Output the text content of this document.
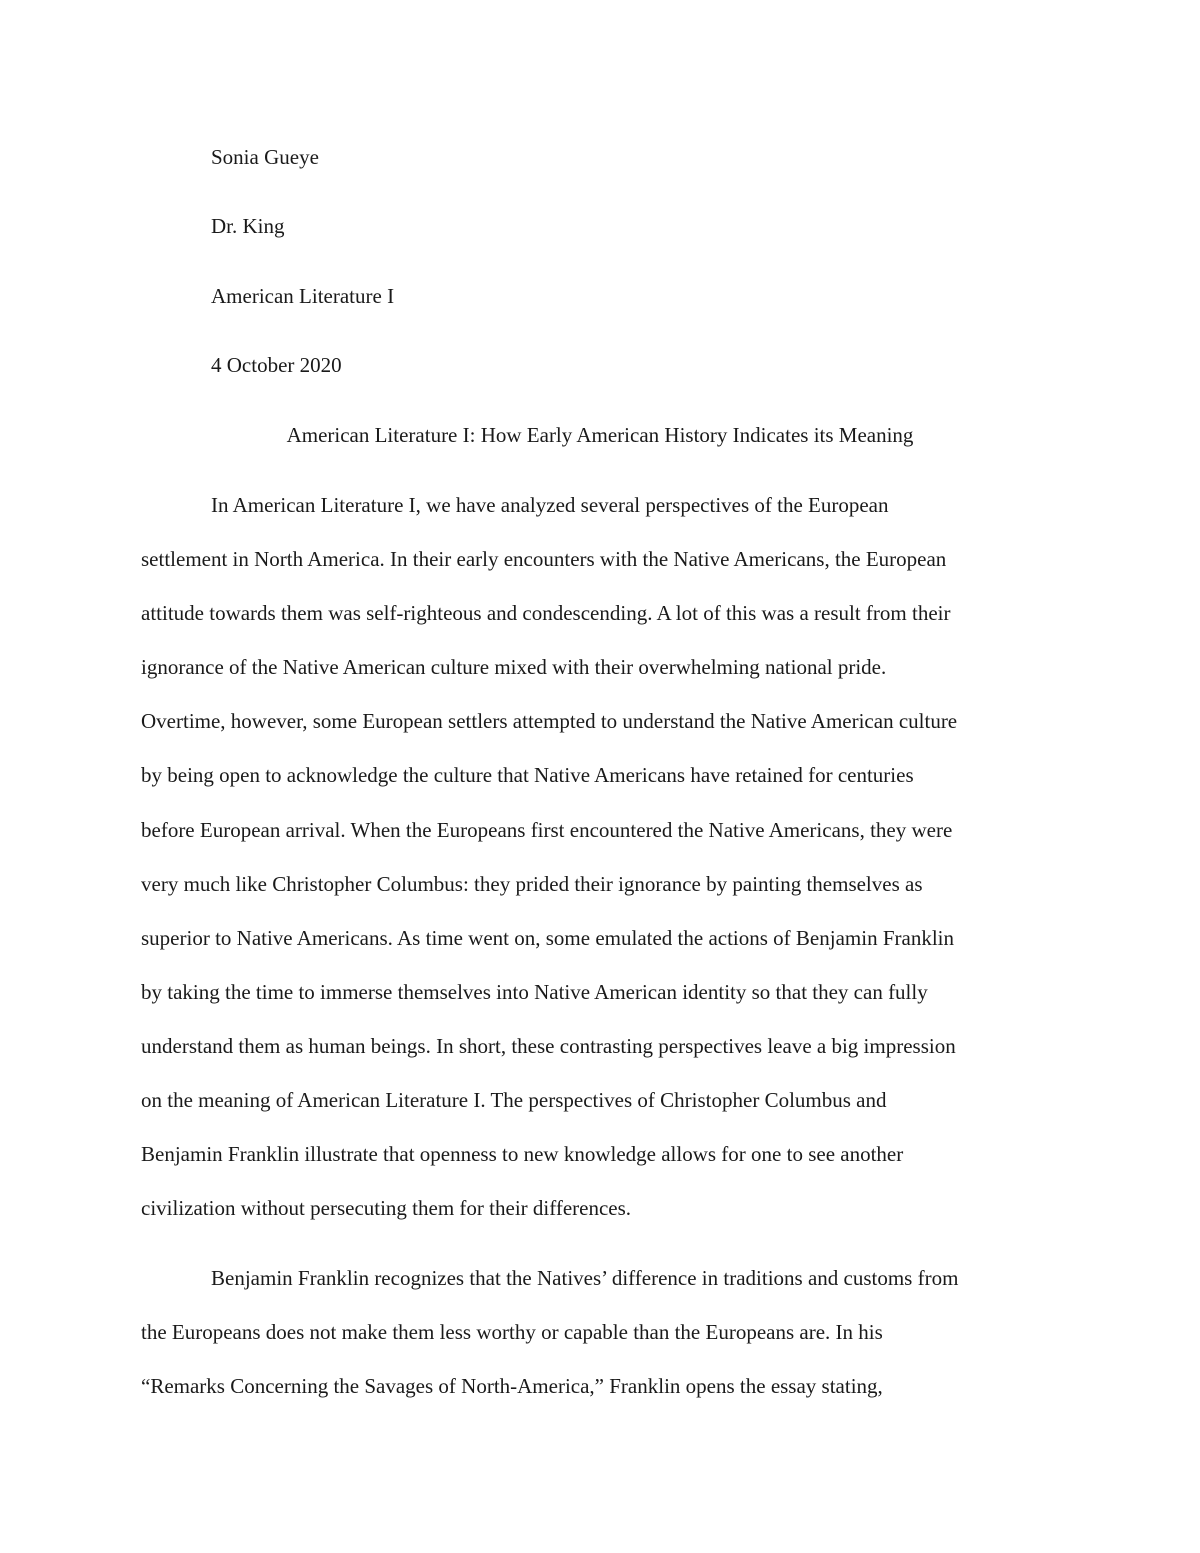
Sonia Gueye
Dr. King
American Literature I
4 October 2020
American Literature I: How Early American History Indicates its Meaning
In American Literature I, we have analyzed several perspectives of the European
settlement in North America. In their early encounters with the Native Americans, the European
attitude towards them was self-righteous and condescending. A lot of this was a result from their
ignorance of the Native American culture mixed with their overwhelming national pride.
Overtime, however, some European settlers attempted to understand the Native American culture
by being open to acknowledge the culture that Native Americans have retained for centuries
before European arrival. When the Europeans first encountered the Native Americans, they were
very much like Christopher Columbus: they prided their ignorance by painting themselves as
superior to Native Americans. As time went on, some emulated the actions of Benjamin Franklin
by taking the time to immerse themselves into Native American identity so that they can fully
understand them as human beings. In short, these contrasting perspectives leave a big impression
on the meaning of American Literature I. The perspectives of Christopher Columbus and
Benjamin Franklin illustrate that openness to new knowledge allows for one to see another
civilization without persecuting them for their differences.
Benjamin Franklin recognizes that the Natives’ difference in traditions and customs from
the Europeans does not make them less worthy or capable than the Europeans are. In his
“Remarks Concerning the Savages of North-America,” Franklin opens the essay stating,
